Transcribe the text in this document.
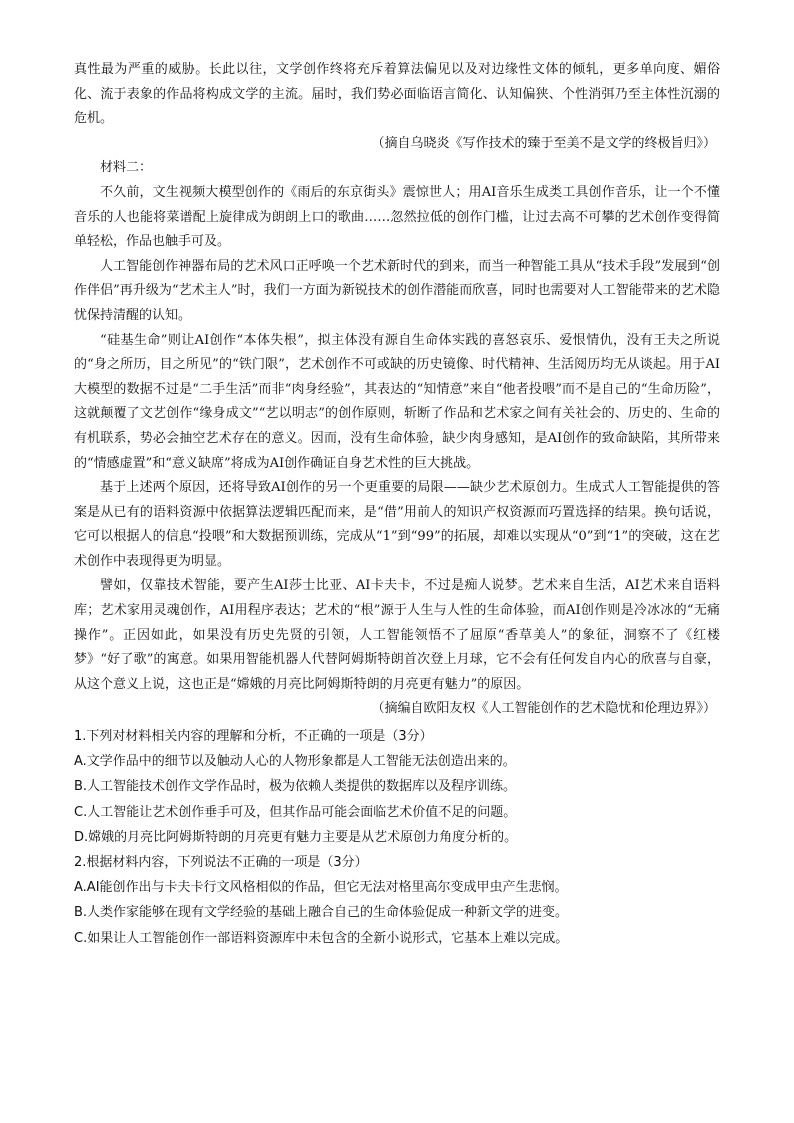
真性最为严重的威胁。长此以往，文学创作终将充斥着算法偏见以及对边缘性文体的倾轧，更多单向度、媚俗化、流于表象的作品将构成文学的主流。届时，我们势必面临语言简化、认知偏狭、个性消弭乃至主体性沉溺的危机。

（摘自乌晓炎《写作技术的臻于至美不是文学的终极旨归》）

材料二：

不久前，文生视频大模型创作的《雨后的东京街头》震惊世人；用AI音乐生成类工具创作音乐，让一个不懂音乐的人也能将菜谱配上旋律成为朗朗上口的歌曲……忽然拉低的创作门槛，让过去高不可攀的艺术创作变得简单轻松，作品也触手可及。

人工智能创作神器布局的艺术风口正呼唤一个艺术新时代的到来，而当一种智能工具从“技术手段”发展到“创作伴侣”再升级为“艺术主人”时，我们一方面为新锐技术的创作潜能而欣喜，同时也需要对人工智能带来的艺术隐忧保持清醒的认知。

“硅基生命”则让AI创作“本体失根”，拟主体没有源自生命体实践的喜怒哀乐、爱恨情仇，没有王夫之所说的“身之所历，目之所见”的“铁门限”，艺术创作不可或缺的历史镜像、时代精神、生活阅历均无从谈起。用于AI大模型的数据不过是“二手生活”而非“肉身经验”，其表达的“知情意”来自“他者投喂”而不是自己的“生命历险”，这就颠覆了文艺创作“缘身成文”“艺以明志”的创作原则，斩断了作品和艺术家之间有关社会的、历史的、生命的有机联系，势必会抽空艺术存在的意义。因而，没有生命体验，缺少肉身感知，是AI创作的致命缺陷，其所带来的“情感虚置”和“意义缺席”将成为AI创作确证自身艺术性的巨大挑战。

基于上述两个原因，还将导致AI创作的另一个更重要的局限——缺少艺术原创力。生成式人工智能提供的答案是从已有的语料资源中依据算法逻辑匹配而来，是“借”用前人的知识产权资源而巧置选择的结果。换句话说，它可以根据人的信息“投喂”和大数据预训练，完成从“1”到“99”的拓展，却难以实现从“0”到“1”的突破，这在艺术创作中表现得更为明显。

譬如，仅靠技术智能，要产生AI莎士比亚、AI卡夫卡，不过是痴人说梦。艺术来自生活，AI艺术来自语料库；艺术家用灵魂创作，AI用程序表达；艺术的“根”源于人生与人性的生命体验，而AI创作则是冷冰冰的“无痛操作”。正因如此，如果没有历史先贤的引领，人工智能领悟不了屈原“香草美人”的象征，洞察不了《红楼梦》“好了歌”的寓意。如果用智能机器人代替阿姆斯特朗首次登上月球，它不会有任何发自内心的欣喜与自豪，从这个意义上说，这也正是“嫦娥的月亮比阿姆斯特朗的月亮更有魅力”的原因。

（摘编自欧阳友权《人工智能创作的艺术隐忧和伦理边界》）

1.下列对材料相关内容的理解和分析，不正确的一项是（3分）

A.文学作品中的细节以及触动人心的人物形象都是人工智能无法创造出来的。

B.人工智能技术创作文学作品时，极为依赖人类提供的数据库以及程序训练。

C.人工智能让艺术创作垂手可及，但其作品可能会面临艺术价值不足的问题。

D.嫦娥的月亮比阿姆斯特朗的月亮更有魅力主要是从艺术原创力角度分析的。

2.根据材料内容，下列说法不正确的一项是（3分）

A.AI能创作出与卡夫卡行文风格相似的作品，但它无法对格里高尔变成甲虫产生悲悯。

B.人类作家能够在现有文学经验的基础上融合自己的生命体验促成一种新文学的进变。

C.如果让人工智能创作一部语料资源库中未包含的全新小说形式，它基本上难以完成。
